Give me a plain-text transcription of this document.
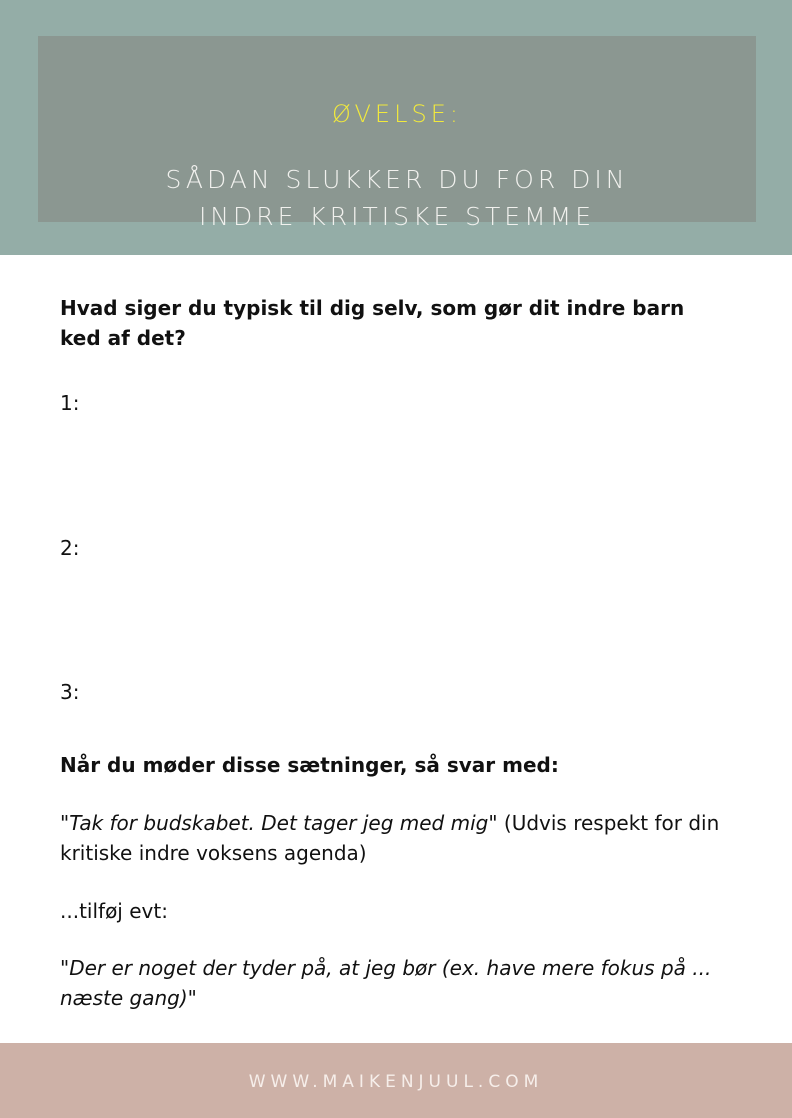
ØVELSE:
SÅDAN SLUKKER DU FOR DIN
INDRE KRITISKE STEMME
Hvad siger du typisk til dig selv, som gør dit indre barn ked af det?
1:
2:
3:
Når du møder disse sætninger, så svar med:
"Tak for budskabet. Det tager jeg med mig" (Udvis respekt for din kritiske indre voksens agenda)
...tilføj evt:
"Der er noget der tyder på, at jeg bør (ex. have mere fokus på ... næste gang)"
WWW.MAIKENJUUL.COM
